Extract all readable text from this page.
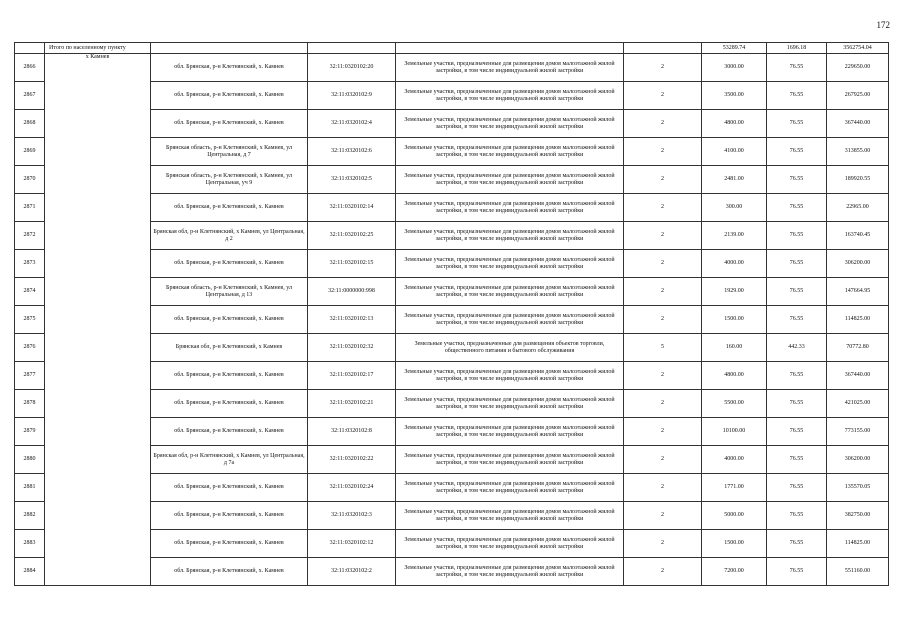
172
	Итого по населенному пункту					53289.74	1696.18	3562754.04
2866	х Камнев	обл. Брянская, р-н Клетнянский, х. Камнев	32:11:0320102:20	Земельные участки, предназначенные для размещения домов малоэтажной жилой застройки, в том числе индивидуальной жилой застройки	2	3000.00	76.55	229650.00
2867		обл. Брянская, р-н Клетнянский, х. Камнев	32:11:0320102:9	Земельные участки, предназначенные для размещения домов малоэтажной жилой застройки, в том числе индивидуальной жилой застройки	2	3500.00	76.55	267925.00
2868		обл. Брянская, р-н Клетнянский, х. Камнев	32:11:0320102:4	Земельные участки, предназначенные для размещения домов малоэтажной жилой застройки, в том числе индивидуальной жилой застройки	2	4800.00	76.55	367440.00
2869		Брянская область, р-н Клетнянский, х Камнев, ул Центральная, д 7	32:11:0320102:6	Земельные участки, предназначенные для размещения домов малоэтажной жилой застройки, в том числе индивидуальной жилой застройки	2	4100.00	76.55	313855.00
2870		Брянская область, р-н Клетнянский, х Камнев, ул Центральная, уч 9	32:11:0320102:5	Земельные участки, предназначенные для размещения домов малоэтажной жилой застройки, в том числе индивидуальной жилой застройки	2	2481.00	76.55	189920.55
2871		обл. Брянская, р-н Клетнянский, х. Камнев	32:11:0320102:14	Земельные участки, предназначенные для размещения домов малоэтажной жилой застройки, в том числе индивидуальной жилой застройки	2	300.00	76.55	22965.00
2872		Брянская обл, р-н Клетнянский, х Камнев, ул Центральная, д 2	32:11:0320102:25	Земельные участки, предназначенные для размещения домов малоэтажной жилой застройки, в том числе индивидуальной жилой застройки	2	2139.00	76.55	163740.45
2873		обл. Брянская, р-н Клетнянский, х. Камнев	32:11:0320102:15	Земельные участки, предназначенные для размещения домов малоэтажной жилой застройки, в том числе индивидуальной жилой застройки	2	4000.00	76.55	306200.00
2874		Брянская область, р-н Клетнянский, х Камнев, ул Центральная, д 13	32:11:0000000:998	Земельные участки, предназначенные для размещения домов малоэтажной жилой застройки, в том числе индивидуальной жилой застройки	2	1929.00	76.55	147664.95
2875		обл. Брянская, р-н Клетнянский, х. Камнев	32:11:0320102:13	Земельные участки, предназначенные для размещения домов малоэтажной жилой застройки, в том числе индивидуальной жилой застройки	2	1500.00	76.55	114825.00
2876		Брянская обл, р-н Клетнянский, х Камнев	32:11:0320102:32	Земельные участки, предназначенные для размещения объектов торговли, общественного питания и бытового обслуживания	5	160.00	442.33	70772.80
2877		обл. Брянская, р-н Клетнянский, х. Камнев	32:11:0320102:17	Земельные участки, предназначенные для размещения домов малоэтажной жилой застройки, в том числе индивидуальной жилой застройки	2	4800.00	76.55	367440.00
2878		обл. Брянская, р-н Клетнянский, х. Камнев	32:11:0320102:21	Земельные участки, предназначенные для размещения домов малоэтажной жилой застройки, в том числе индивидуальной жилой застройки	2	5500.00	76.55	421025.00
2879		обл. Брянская, р-н Клетнянский, х. Камнев	32:11:0320102:8	Земельные участки, предназначенные для размещения домов малоэтажной жилой застройки, в том числе индивидуальной жилой застройки	2	10100.00	76.55	773155.00
2880		Брянская обл, р-н Клетнянский, х Камнев, ул Центральная, д 7а	32:11:0320102:22	Земельные участки, предназначенные для размещения домов малоэтажной жилой застройки, в том числе индивидуальной жилой застройки	2	4000.00	76.55	306200.00
2881		обл. Брянская, р-н Клетнянский, х. Камнев	32:11:0320102:24	Земельные участки, предназначенные для размещения домов малоэтажной жилой застройки, в том числе индивидуальной жилой застройки	2	1771.00	76.55	135570.05
2882		обл. Брянская, р-н Клетнянский, х. Камнев	32:11:0320102:3	Земельные участки, предназначенные для размещения домов малоэтажной жилой застройки, в том числе индивидуальной жилой застройки	2	5000.00	76.55	382750.00
2883		обл. Брянская, р-н Клетнянский, х. Камнев	32:11:0320102:12	Земельные участки, предназначенные для размещения домов малоэтажной жилой застройки, в том числе индивидуальной жилой застройки	2	1500.00	76.55	114825.00
2884		обл. Брянская, р-н Клетнянский, х. Камнев	32:11:0320102:2	Земельные участки, предназначенные для размещения домов малоэтажной жилой застройки, в том числе индивидуальной жилой застройки	2	7200.00	76.55	551160.00
